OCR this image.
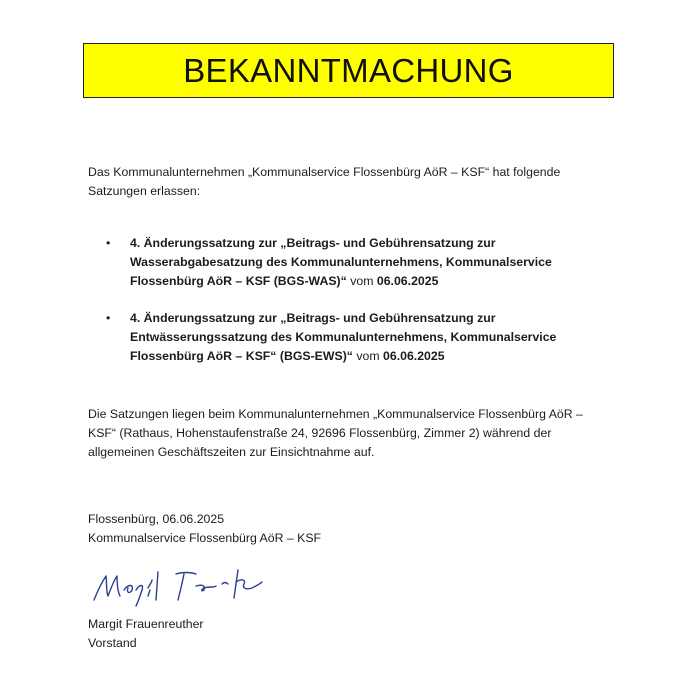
BEKANNTMACHUNG
Das Kommunalunternehmen „Kommunalservice Flossenbürg AöR – KSF“ hat folgende
Satzungen erlassen:
• 4. Änderungssatzung zur „Beitrags- und Gebührensatzung zur
Wasserabgabesatzung des Kommunalunternehmens, Kommunalservice
Flossenbürg AöR – KSF (BGS-WAS)“ vom 06.06.2025
• 4. Änderungssatzung zur „Beitrags- und Gebührensatzung zur
Entwässerungssatzung des Kommunalunternehmens, Kommunalservice
Flossenbürg AöR – KSF“ (BGS-EWS)“ vom 06.06.2025
Die Satzungen liegen beim Kommunalunternehmen „Kommunalservice Flossenbürg AöR –
KSF“ (Rathaus, Hohenstaufenstraße 24, 92696 Flossenbürg, Zimmer 2) während der
allgemeinen Geschäftszeiten zur Einsichtnahme auf.
Flossenbürg, 06.06.2025
Kommunalservice Flossenbürg AöR – KSF
Margit Frauenreuther
Vorstand
